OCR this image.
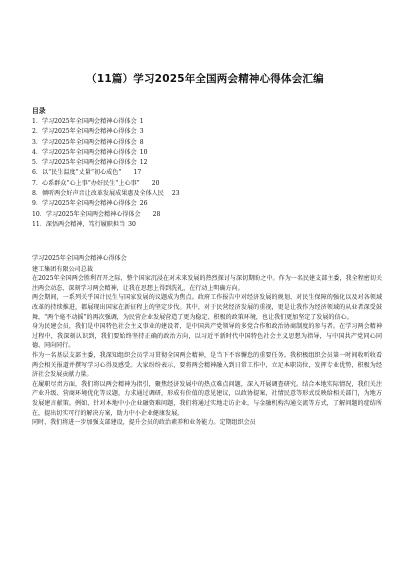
（11篇）学习2025年全国两会精神心得体会汇编
目录
1．学习2025年全国两会精神心得体会 1
2．学习2025年全国两会精神心得体会 3
3．学习2025年全国两会精神心得体会 8
4．学习2025年全国两会精神心得体会 10
5．学习2025年全国两会精神心得体会 12
6．以“民生温度”丈量“初心成色” 17
7．心系群众“心上事”办好民生“上心事” 20
8．倾听两会好声音让改革发展成果惠及全体人民 23
9．学习2025年全国两会精神心得体会 26
10．学习2025年全国两会精神心得体会 28
11．深悟两会精神，笃行履职担当 30
学习2025年全国两会精神心得体会
建工集团有限公司总裁

在2025年全国两会胜利召开之际，整个国家沉浸在对未来发展的热烈探讨与深切期盼之中。作为一名民建支部主委，我全程密切关注两会动态，深刻学习两会精神，让我在思想上得到洗礼，在行动上明确方向。

两会期间，一系列关乎国计民生与国家发展的议题成为焦点。政府工作报告中对经济发展的规划、对民生保障的强化以及对各领域改革的持续推进，都展现出国家在新征程上的坚定步伐。其中，对于民营经济发展的重视，更是让我作为经济领域的从业者深受鼓舞，“两个毫不动摇”的再次强调，为民营企业发展营造了更为稳定、积极的政策环境，也让我们更加坚定了发展的信心。

身为民建会员，我们是中国特色社会主义事业的建设者，是中国共产党领导的多党合作和政治协商制度的参与者。在学习两会精神过程中，我深刻认识到，我们要始终坚持正确的政治方向，以习近平新时代中国特色社会主义思想为指导，与中国共产党同心同德、同向同行。

作为一名基层支部主委，我深知组织会员学习贯彻全国两会精神，是当下不容懈怠的重要任务。我积极组织会员第一时间收听收看两会相关报道并撰写学习心得及感受。大家纷纷表示，要将两会精神融入到日常工作中，立足本职岗位，发挥专业优势，积极为经济社会发展贡献力量。

在履职尽责方面，我们将以两会精神为指引，聚焦经济发展中的热点难点问题，深入开展调查研究。结合本地实际情况，我们关注产业升级、营商环境优化等议题，力求通过调研，形成有价值的意见建议，以政协提案、社情民意等形式反映给相关部门，为地方发展建言献策。例如，针对本地中小企业融资难问题，我们将通过实地走访企业，与金融机构沟通交流等方式，了解问题的症结所在，提出切实可行的解决方案，助力中小企业健康发展。

同时，我们将进一步加强支部建设，提升会员的政治素养和业务能力。定期组织会员
